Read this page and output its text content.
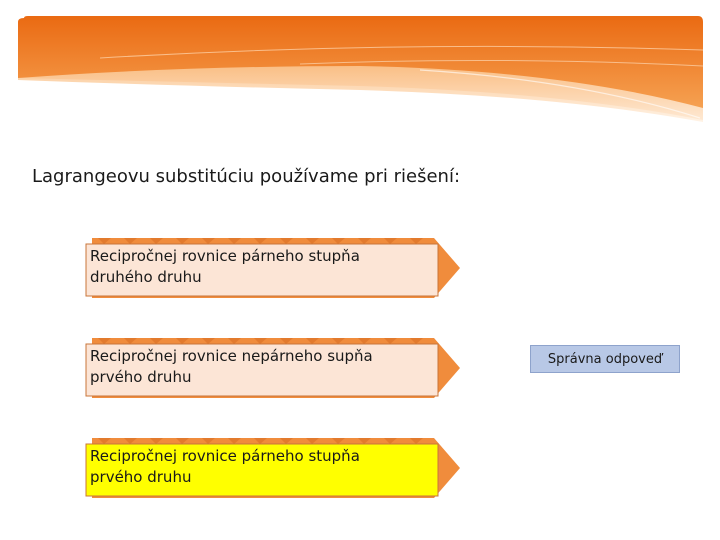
Lagrangeovu substitúciu používame pri riešení:
Recipročnej rovnice párneho stupňa
druhého druhu
Recipročnej rovnice nepárneho supňa
prvého druhu
Recipročnej rovnice párneho stupňa
prvého druhu
Správna odpoveď
